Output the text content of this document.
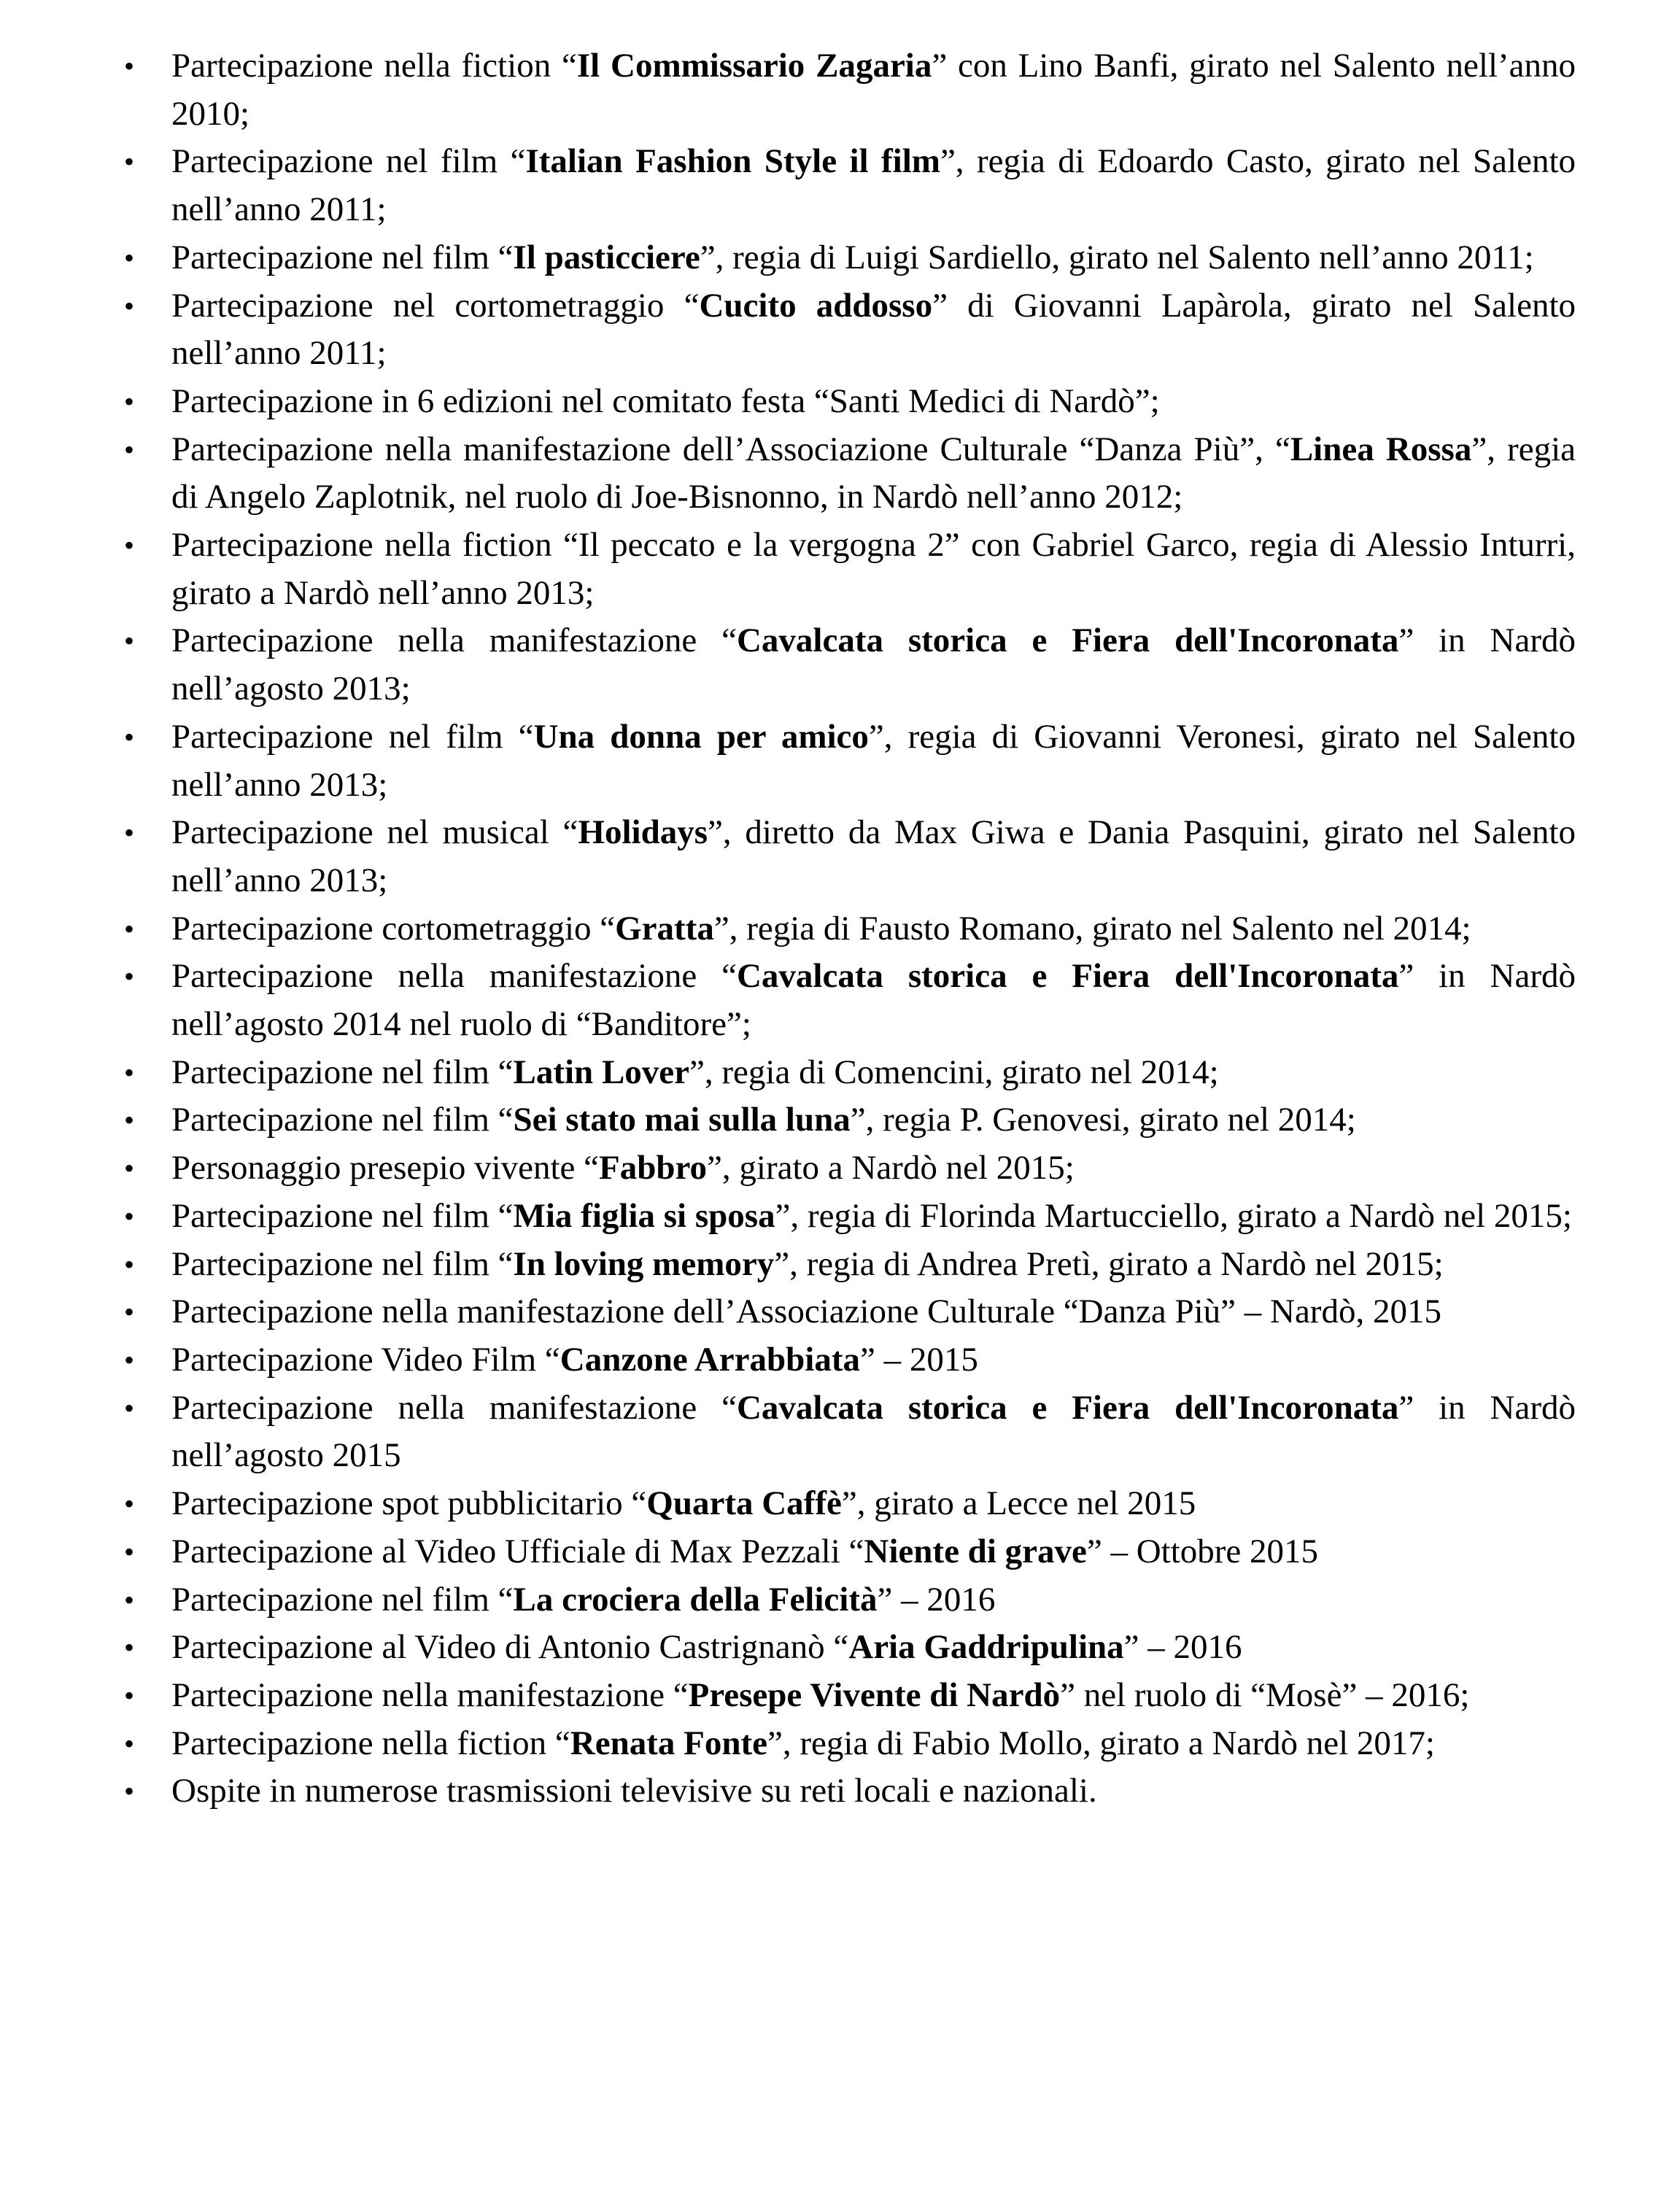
• Partecipazione nella fiction “Il Commissario Zagaria” con Lino Banfi, girato nel Salento nell’anno 2010;
• Partecipazione nel film “Italian Fashion Style il film”, regia di Edoardo Casto, girato nel Salento nell’anno 2011;
• Partecipazione nel film “Il pasticciere”, regia di Luigi Sardiello, girato nel Salento nell’anno 2011;
• Partecipazione nel cortometraggio “Cucito addosso” di Giovanni Lapàrola, girato nel Salento nell’anno 2011;
• Partecipazione in 6 edizioni nel comitato festa “Santi Medici di Nardò”;
• Partecipazione nella manifestazione dell’Associazione Culturale “Danza Più”, “Linea Rossa”, regia di Angelo Zaplotnik, nel ruolo di Joe-Bisnonno, in Nardò nell’anno 2012;
• Partecipazione nella fiction “Il peccato e la vergogna 2” con Gabriel Garco, regia di Alessio Inturri, girato a Nardò nell’anno 2013;
• Partecipazione nella manifestazione “Cavalcata storica e Fiera dell'Incoronata” in Nardò nell’agosto 2013;
• Partecipazione nel film “Una donna per amico”, regia di Giovanni Veronesi, girato nel Salento nell’anno 2013;
• Partecipazione nel musical “Holidays”, diretto da Max Giwa e Dania Pasquini, girato nel Salento nell’anno 2013;
• Partecipazione cortometraggio “Gratta”, regia di Fausto Romano, girato nel Salento nel 2014;
• Partecipazione nella manifestazione “Cavalcata storica e Fiera dell'Incoronata” in Nardò nell’agosto 2014 nel ruolo di “Banditore”;
• Partecipazione nel film “Latin Lover”, regia di Comencini, girato nel 2014;
• Partecipazione nel film “Sei stato mai sulla luna”, regia P. Genovesi, girato nel 2014;
• Personaggio presepio vivente “Fabbro”, girato a Nardò nel 2015;
• Partecipazione nel film “Mia figlia si sposa”, regia di Florinda Martucciello, girato a Nardò nel 2015;
• Partecipazione nel film “In loving memory”, regia di Andrea Pretì, girato a Nardò nel 2015;
• Partecipazione nella manifestazione dell’Associazione Culturale “Danza Più” – Nardò, 2015
• Partecipazione Video Film “Canzone Arrabbiata” – 2015
• Partecipazione nella manifestazione “Cavalcata storica e Fiera dell'Incoronata” in Nardò nell’agosto 2015
• Partecipazione spot pubblicitario “Quarta Caffè”, girato a Lecce nel 2015
• Partecipazione al Video Ufficiale di Max Pezzali “Niente di grave” – Ottobre 2015
• Partecipazione nel film “La crociera della Felicità” – 2016
• Partecipazione al Video di Antonio Castrignanò “Aria Gaddripulina” – 2016
• Partecipazione nella manifestazione “Presepe Vivente di Nardò” nel ruolo di “Mosè” – 2016;
• Partecipazione nella fiction “Renata Fonte”, regia di Fabio Mollo, girato a Nardò nel 2017;
• Ospite in numerose trasmissioni televisive su reti locali e nazionali.
